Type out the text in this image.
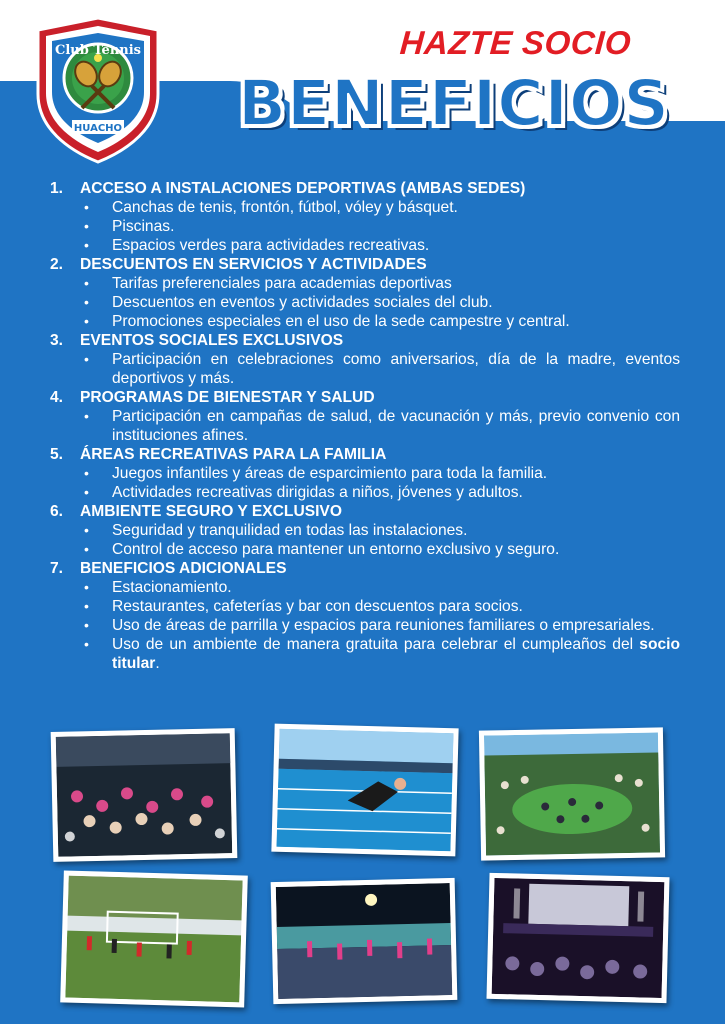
Club Tennis
HUACHO
HAZTE SOCIO
BENEFICIOS
1.	ACCESO A INSTALACIONES DEPORTIVAS (AMBAS SEDES)
•	Canchas de tenis, frontón, fútbol, vóley y básquet.
•	Piscinas.
•	Espacios verdes para actividades recreativas.
2.	DESCUENTOS EN SERVICIOS Y ACTIVIDADES
•	Tarifas preferenciales para academias deportivas
•	Descuentos en eventos y actividades sociales del club.
•	Promociones especiales en el uso de la sede campestre y central.
3.	EVENTOS SOCIALES EXCLUSIVOS
•	Participación en celebraciones como aniversarios, día de la madre, eventos deportivos y más.
4.	PROGRAMAS DE BIENESTAR Y SALUD
•	Participación en campañas de salud, de vacunación y más, previo convenio con instituciones afines.
5.	ÁREAS RECREATIVAS PARA LA FAMILIA
•	Juegos infantiles y áreas de esparcimiento para toda la familia.
•	Actividades recreativas dirigidas a niños, jóvenes y adultos.
6.	AMBIENTE SEGURO Y EXCLUSIVO
•	Seguridad y tranquilidad en todas las instalaciones.
•	Control de acceso para mantener un entorno exclusivo y seguro.
7.	BENEFICIOS ADICIONALES
•	Estacionamiento.
•	Restaurantes, cafeterías y bar con descuentos para socios.
•	Uso de áreas de parrilla y espacios para reuniones familiares o empresariales.
•	Uso de un ambiente de manera gratuita para celebrar el cumpleaños del socio titular.
